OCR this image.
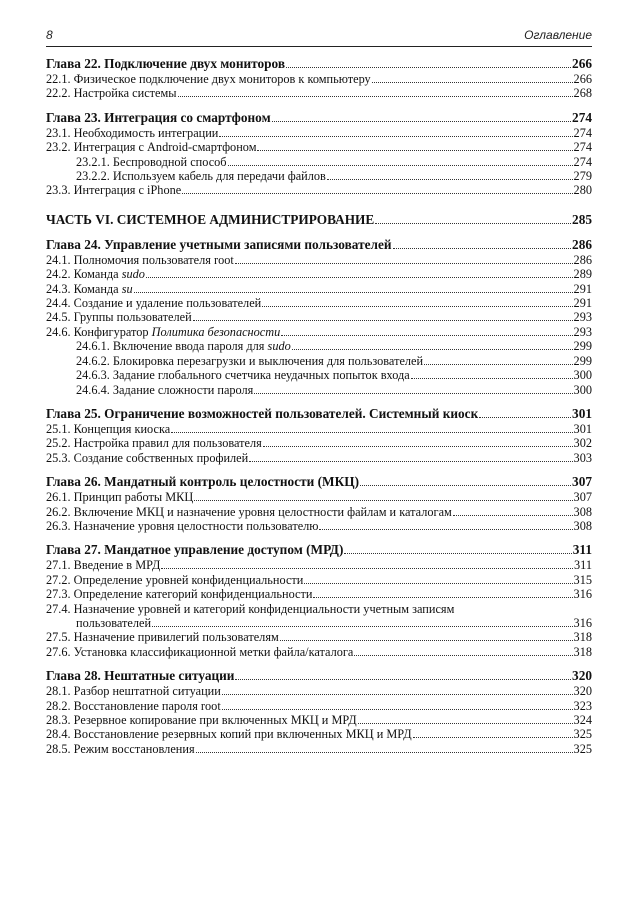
8	Оглавление
Глава 22. Подключение двух мониторов	266
22.1. Физическое подключение двух мониторов к компьютеру	266
22.2. Настройка системы	268
Глава 23. Интеграция со смартфоном	274
23.1. Необходимость интеграции	274
23.2. Интеграция с Android-смартфоном	274
23.2.1. Беспроводной способ	274
23.2.2. Используем кабель для передачи файлов	279
23.3. Интеграция с iPhone	280
ЧАСТЬ VI. СИСТЕМНОЕ АДМИНИСТРИРОВАНИЕ	285
Глава 24. Управление учетными записями пользователей	286
24.1. Полномочия пользователя root	286
24.2. Команда sudo	289
24.3. Команда su	291
24.4. Создание и удаление пользователей	291
24.5. Группы пользователей	293
24.6. Конфигуратор Политика безопасности	293
24.6.1. Включение ввода пароля для sudo	299
24.6.2. Блокировка перезагрузки и выключения для пользователей	299
24.6.3. Задание глобального счетчика неудачных попыток входа	300
24.6.4. Задание сложности пароля	300
Глава 25. Ограничение возможностей пользователей. Системный киоск	301
25.1. Концепция киоска	301
25.2. Настройка правил для пользователя	302
25.3. Создание собственных профилей	303
Глава 26. Мандатный контроль целостности (МКЦ)	307
26.1. Принцип работы МКЦ	307
26.2. Включение МКЦ и назначение уровня целостности файлам и каталогам	308
26.3. Назначение уровня целостности пользователю	308
Глава 27. Мандатное управление доступом (МРД)	311
27.1. Введение в МРД	311
27.2. Определение уровней конфиденциальности	315
27.3. Определение категорий конфиденциальности	316
27.4. Назначение уровней и категорий конфиденциальности учетным записям
пользователей	316
27.5. Назначение привилегий пользователям	318
27.6. Установка классификационной метки файла/каталога	318
Глава 28. Нештатные ситуации	320
28.1. Разбор нештатной ситуации	320
28.2. Восстановление пароля root	323
28.3. Резервное копирование при включенных МКЦ и МРД	324
28.4. Восстановление резервных копий при включенных МКЦ и МРД	325
28.5. Режим восстановления	325
